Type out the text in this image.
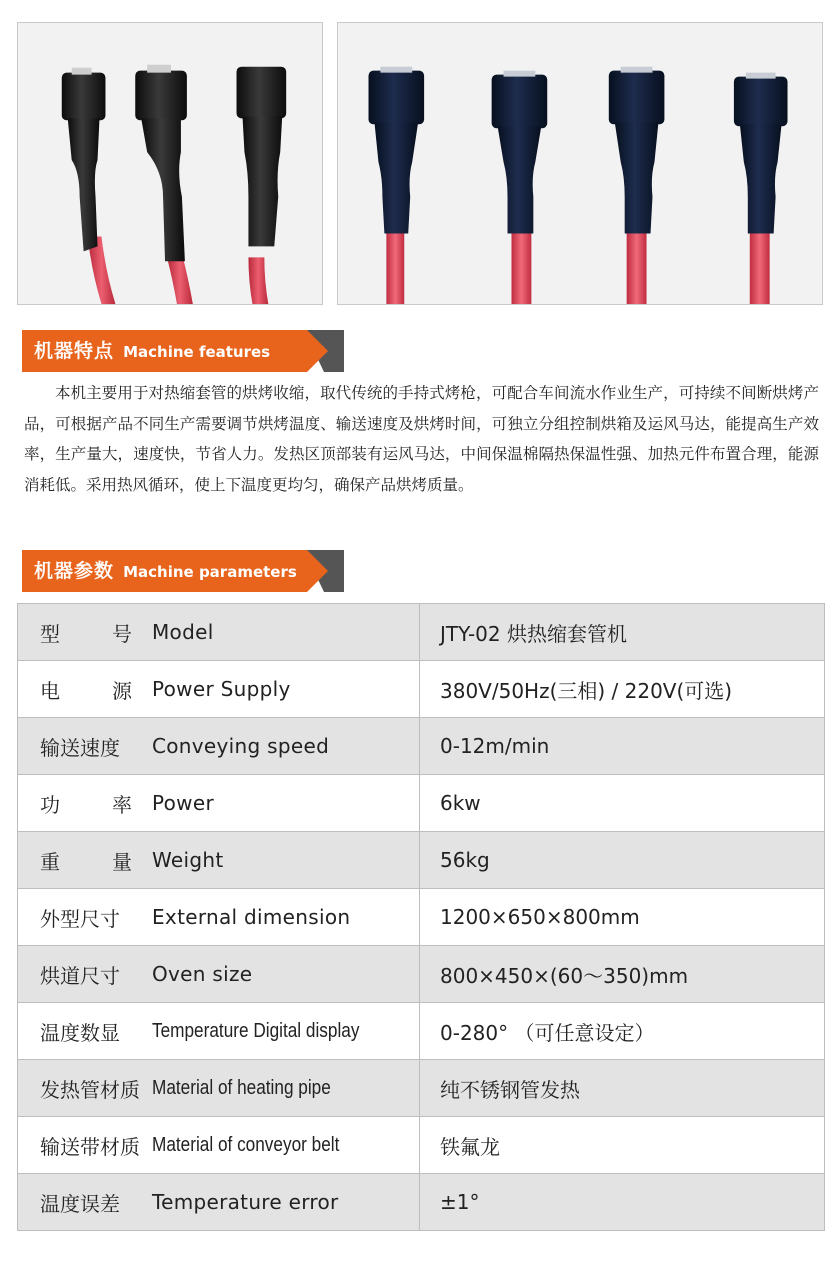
机器特点 Machine features
本机主要用于对热缩套管的烘烤收缩，取代传统的手持式烤枪，可配合车间流水作业生产，可持续不间断烘烤产品，可根据产品不同生产需要调节烘烤温度、输送速度及烘烤时间，可独立分组控制烘箱及运风马达，能提高生产效率，生产量大，速度快，节省人力。发热区顶部装有运风马达，中间保温棉隔热保温性强、加热元件布置合理，能源消耗低。采用热风循环，使上下温度更均匀，确保产品烘烤质量。
机器参数 Machine parameters
型 号 Model	JTY-02 烘热缩套管机

电 源 Power Supply	380V/50Hz(三相) / 220V(可选)

输送速度 Conveying speed	0-12m/min

功 率 Power	6kw

重 量 Weight	56kg

外型尺寸 External dimension	1200×650×800mm

烘道尺寸 Oven size	800×450×(60～350)mm

温度数显 Temperature Digital display	0-280° （可任意设定）

发热管材质 Material of heating pipe	纯不锈钢管发热

输送带材质 Material of conveyor belt	铁氟龙

温度误差 Temperature error	±1°
